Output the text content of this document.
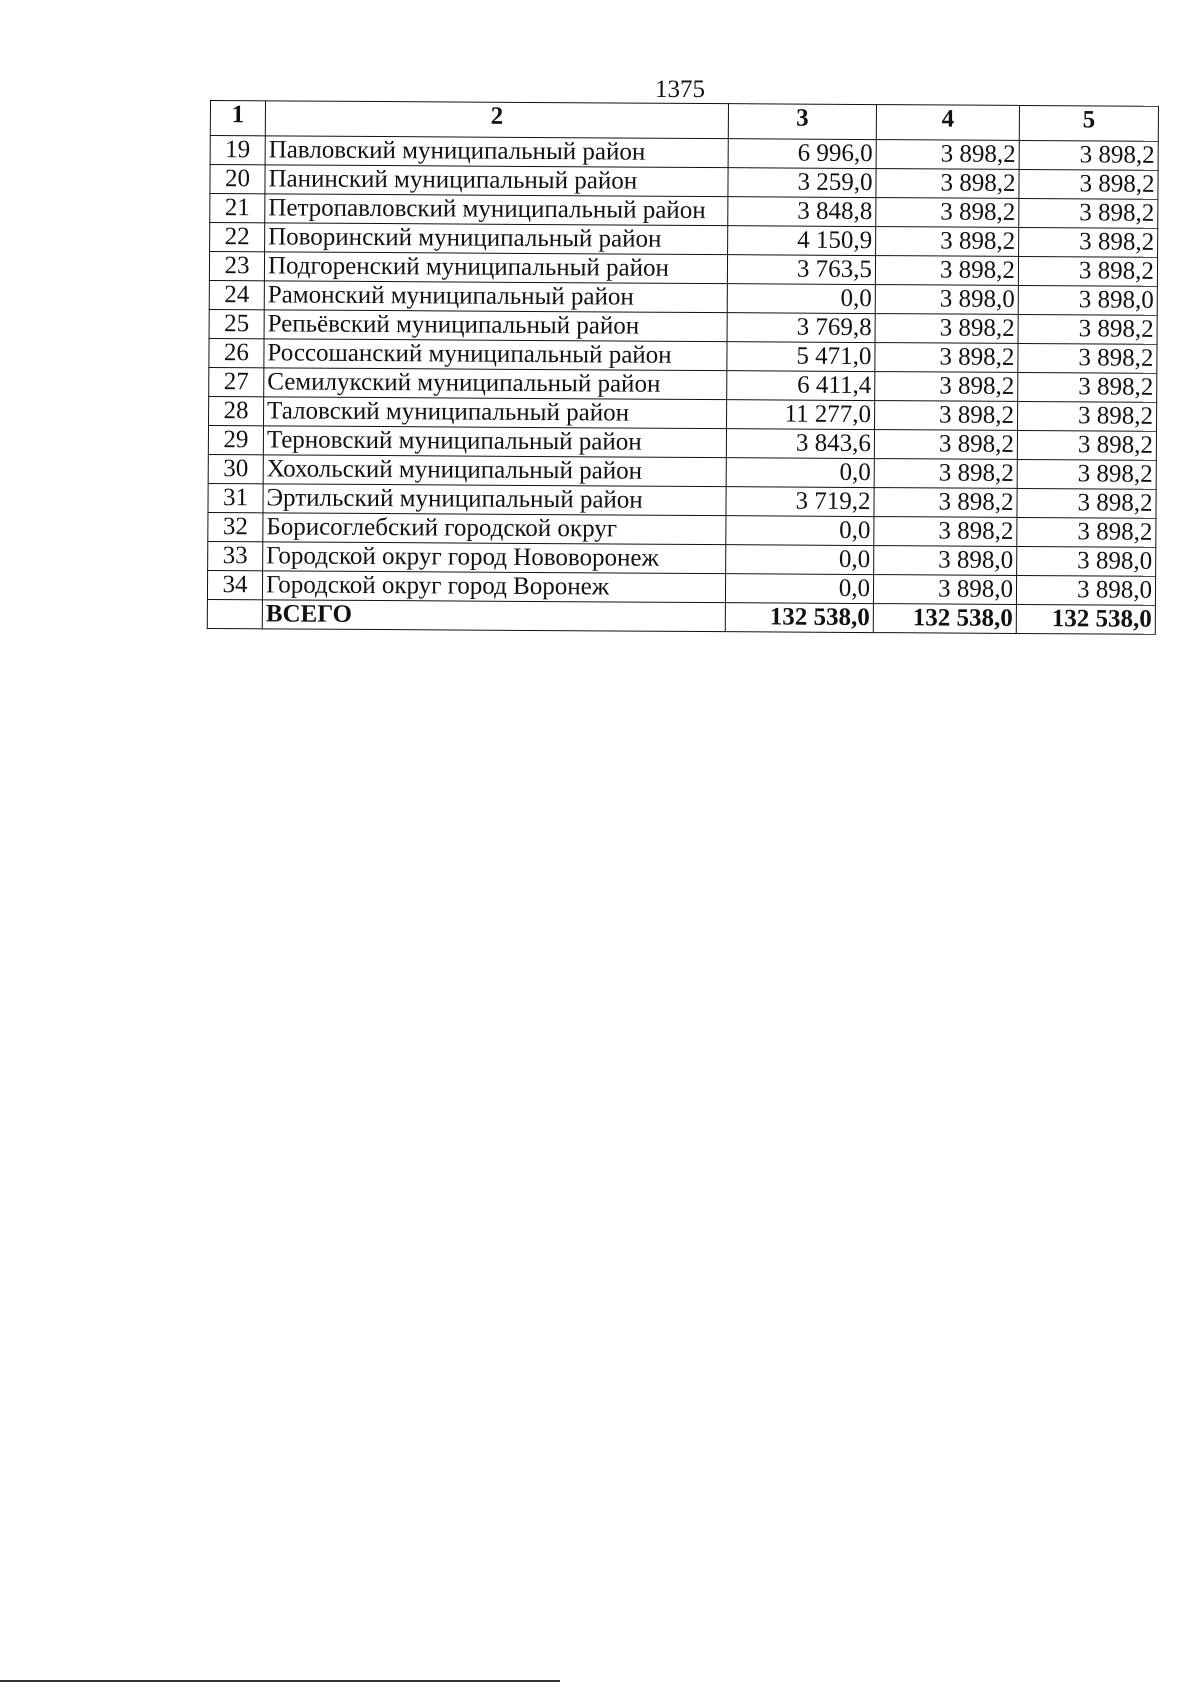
1375
1	2	3	4	5
19	Павловский муниципальный район	6 996,0	3 898,2	3 898,2
20	Панинский муниципальный район	3 259,0	3 898,2	3 898,2
21	Петропавловский муниципальный район	3 848,8	3 898,2	3 898,2
22	Поворинский муниципальный район	4 150,9	3 898,2	3 898,2
23	Подгоренский муниципальный район	3 763,5	3 898,2	3 898,2
24	Рамонский муниципальный район	0,0	3 898,0	3 898,0
25	Репьёвский муниципальный район	3 769,8	3 898,2	3 898,2
26	Россошанский муниципальный район	5 471,0	3 898,2	3 898,2
27	Семилукский муниципальный район	6 411,4	3 898,2	3 898,2
28	Таловский муниципальный район	11 277,0	3 898,2	3 898,2
29	Терновский муниципальный район	3 843,6	3 898,2	3 898,2
30	Хохольский муниципальный район	0,0	3 898,2	3 898,2
31	Эртильский муниципальный район	3 719,2	3 898,2	3 898,2
32	Борисоглебский городской округ	0,0	3 898,2	3 898,2
33	Городской округ город Нововоронеж	0,0	3 898,0	3 898,0
34	Городской округ город Воронеж	0,0	3 898,0	3 898,0
	ВСЕГО	132 538,0	132 538,0	132 538,0
